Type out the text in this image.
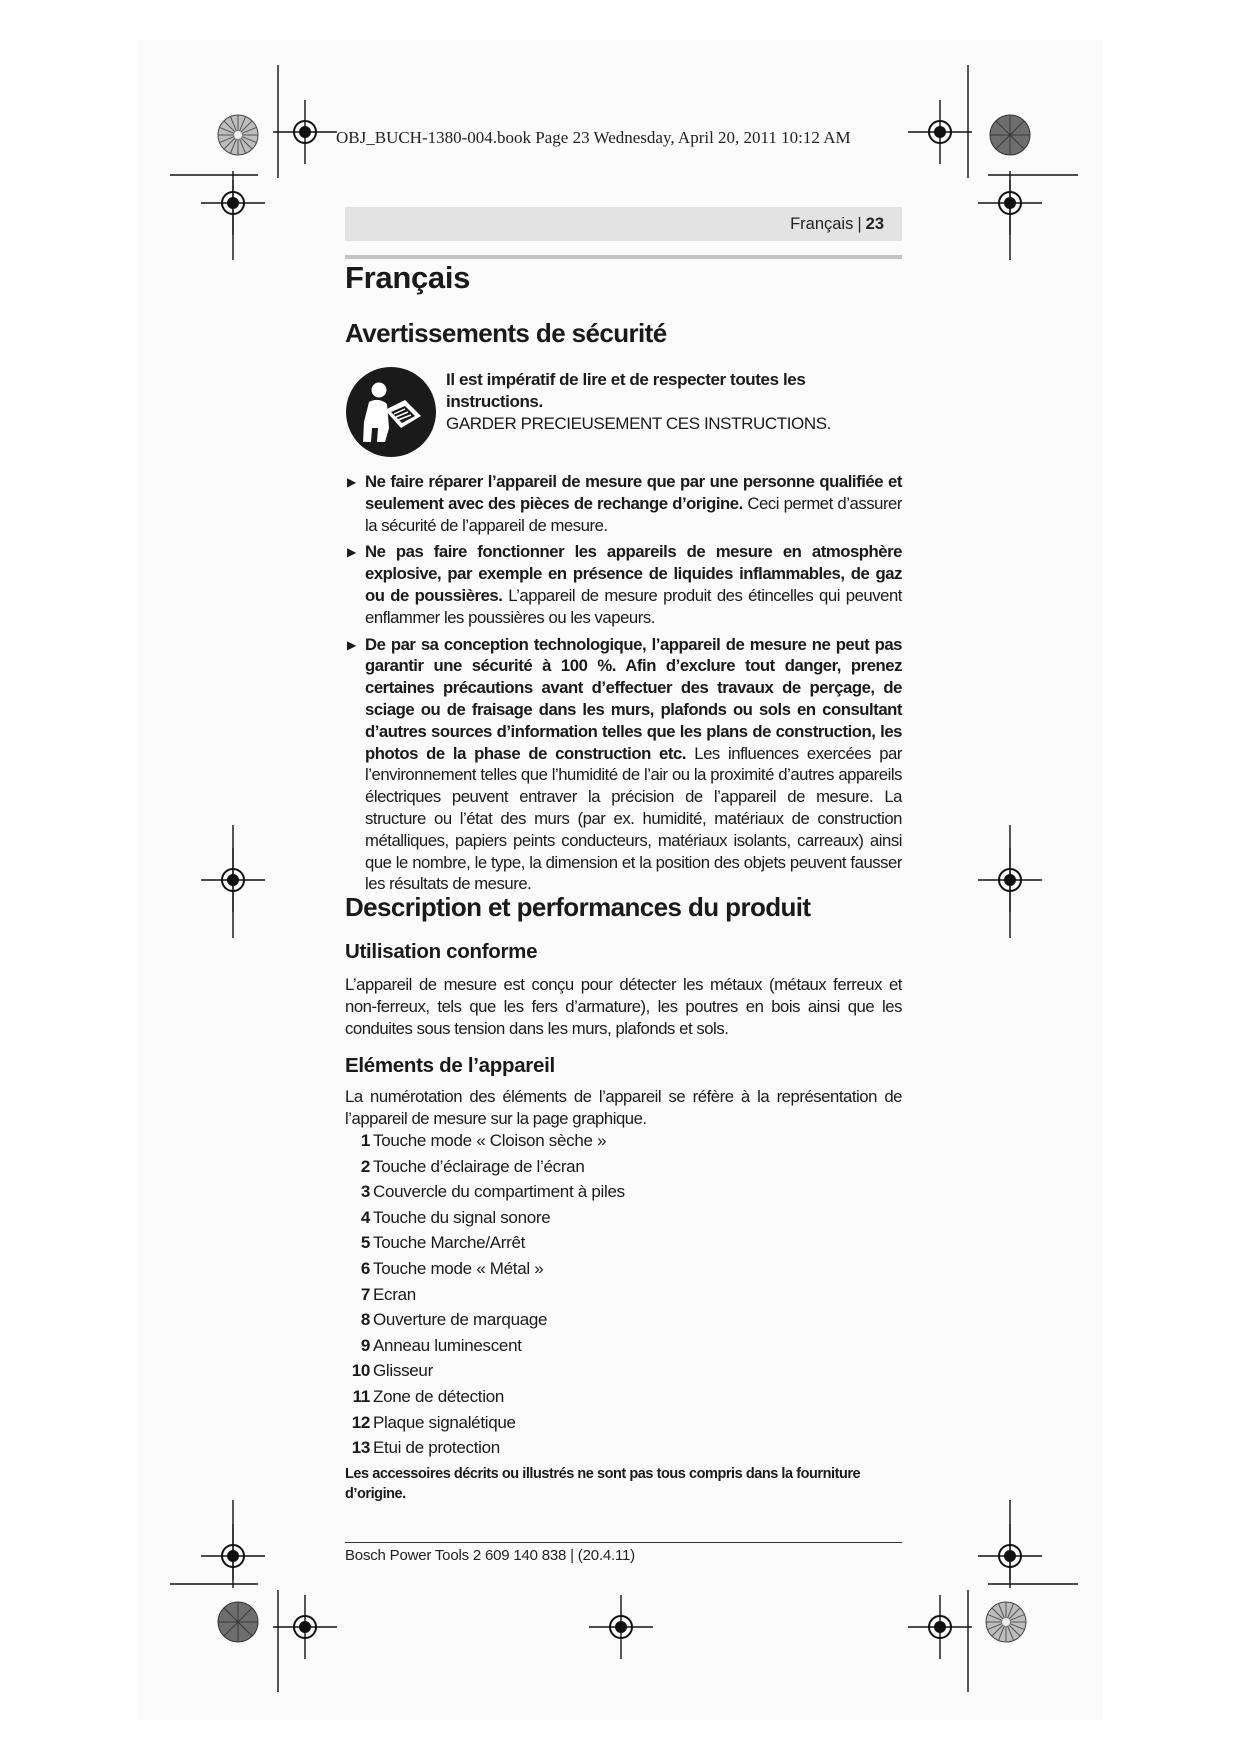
OBJ_BUCH-1380-004.book Page 23 Wednesday, April 20, 2011 10:12 AM
Français | 23
Français
Avertissements de sécurité
Il est impératif de lire et de respecter toutes les instructions.
GARDER PRECIEUSEMENT CES INSTRUCTIONS.
▶ Ne faire réparer l’appareil de mesure que par une personne qualifiée et seulement avec des pièces de rechange d’origine. Ceci permet d’assurer la sécurité de l’appareil de mesure.
▶ Ne pas faire fonctionner les appareils de mesure en atmosphère explosive, par exemple en présence de liquides inflammables, de gaz ou de poussières. L’appareil de mesure produit des étincelles qui peuvent enflammer les poussières ou les vapeurs.
▶ De par sa conception technologique, l’appareil de mesure ne peut pas garantir une sécurité à 100 %. Afin d’exclure tout danger, prenez certaines précautions avant d’effectuer des travaux de perçage, de sciage ou de fraisage dans les murs, plafonds ou sols en consultant d’autres sources d’information telles que les plans de construction, les photos de la phase de construction etc. Les influences exercées par l’environnement telles que l’humidité de l’air ou la proximité d’autres appareils électriques peuvent entraver la précision de l’appareil de mesure. La structure ou l’état des murs (par ex. humidité, matériaux de construction métalliques, papiers peints conducteurs, matériaux isolants, carreaux) ainsi que le nombre, le type, la dimension et la position des objets peuvent fausser les résultats de mesure.
Description et performances du produit
Utilisation conforme
L’appareil de mesure est conçu pour détecter les métaux (métaux ferreux et non-ferreux, tels que les fers d’armature), les poutres en bois ainsi que les conduites sous tension dans les murs, plafonds et sols.
Eléments de l’appareil
La numérotation des éléments de l’appareil se réfère à la représentation de l’appareil de mesure sur la page graphique.
1 Touche mode « Cloison sèche »
2 Touche d’éclairage de l’écran
3 Couvercle du compartiment à piles
4 Touche du signal sonore
5 Touche Marche/Arrêt
6 Touche mode « Métal »
7 Ecran
8 Ouverture de marquage
9 Anneau luminescent
10 Glisseur
11 Zone de détection
12 Plaque signalétique
13 Etui de protection
Les accessoires décrits ou illustrés ne sont pas tous compris dans la fourniture d’origine.
Bosch Power Tools 2 609 140 838 | (20.4.11)
